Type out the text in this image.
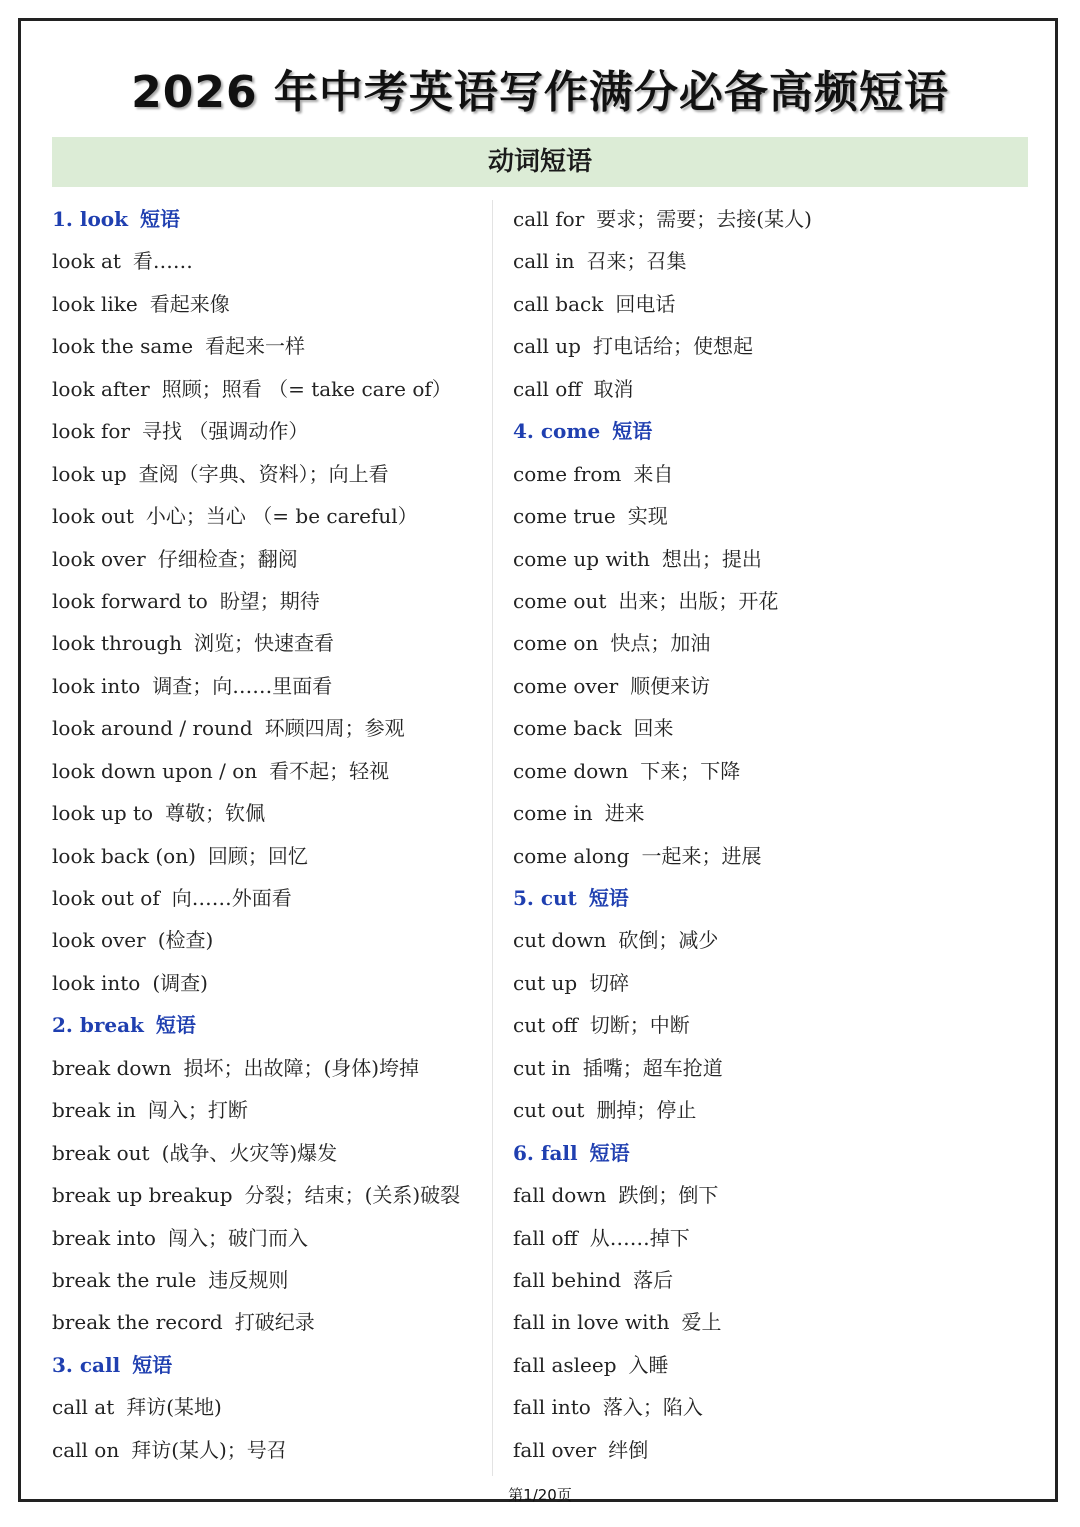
2026 年中考英语写作满分必备高频短语
动词短语
1. look 短语
look at 看……
look like 看起来像
look the same 看起来一样
look after 照顾；照看 （= take care of）
look for 寻找 （强调动作）
look up 查阅（字典、资料）；向上看
look out 小心；当心 （= be careful）
look over 仔细检查；翻阅
look forward to 盼望；期待
look through 浏览；快速查看
look into 调查；向……里面看
look around / round 环顾四周；参观
look down upon / on 看不起；轻视
look up to 尊敬；钦佩
look back (on) 回顾；回忆
look out of 向……外面看
look over (检查)
look into (调查)
2. break 短语
break down 损坏；出故障；(身体)垮掉
break in 闯入；打断
break out (战争、火灾等)爆发
break up breakup 分裂；结束；(关系)破裂
break into 闯入；破门而入
break the rule 违反规则
break the record 打破纪录
3. call 短语
call at 拜访(某地)
call on 拜访(某人)；号召
call for 要求；需要；去接(某人)
call in 召来；召集
call back 回电话
call up 打电话给；使想起
call off 取消
4. come 短语
come from 来自
come true 实现
come up with 想出；提出
come out 出来；出版；开花
come on 快点；加油
come over 顺便来访
come back 回来
come down 下来；下降
come in 进来
come along 一起来；进展
5. cut 短语
cut down 砍倒；减少
cut up 切碎
cut off 切断；中断
cut in 插嘴；超车抢道
cut out 删掉；停止
6. fall 短语
fall down 跌倒；倒下
fall off 从……掉下
fall behind 落后
fall in love with 爱上
fall asleep 入睡
fall into 落入；陷入
fall over 绊倒
第1/20页
